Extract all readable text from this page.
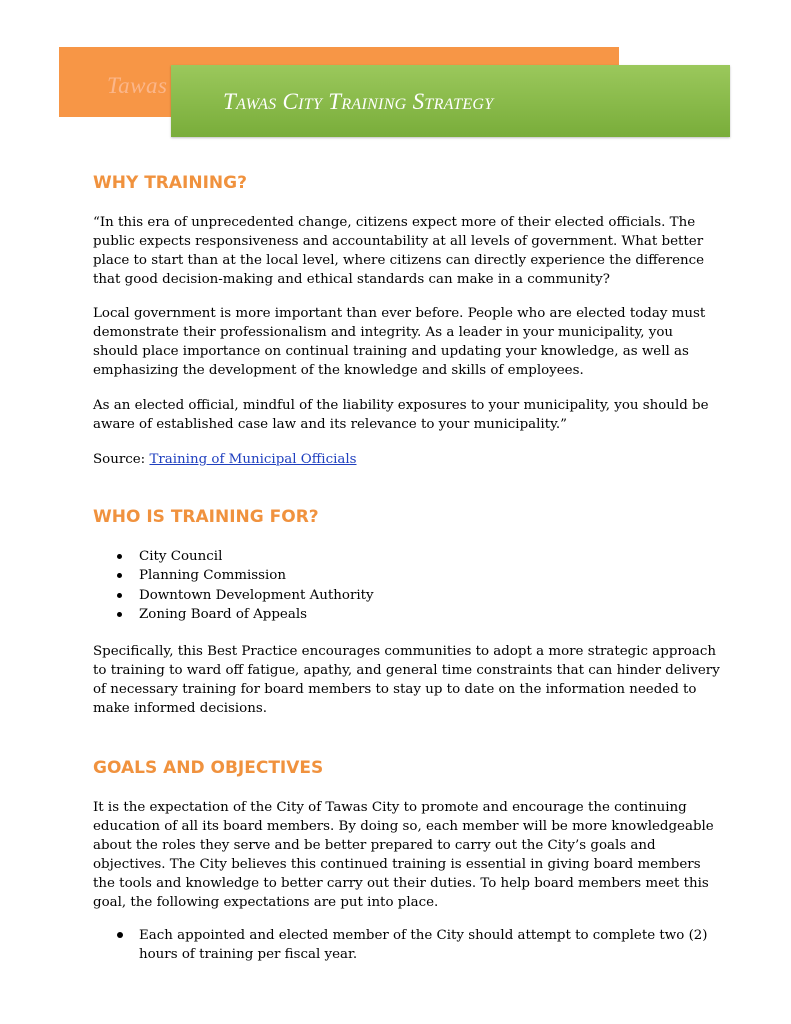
Tawas
Tawas City Training Strategy
WHY TRAINING?

“In this era of unprecedented change, citizens expect more of their elected officials. The
public expects responsiveness and accountability at all levels of government. What better
place to start than at the local level, where citizens can directly experience the difference
that good decision-making and ethical standards can make in a community?

Local government is more important than ever before. People who are elected today must
demonstrate their professionalism and integrity. As a leader in your municipality, you
should place importance on continual training and updating your knowledge, as well as
emphasizing the development of the knowledge and skills of employees.

As an elected official, mindful of the liability exposures to your municipality, you should be
aware of established case law and its relevance to your municipality.”

Source: Training of Municipal Officials

WHO IS TRAINING FOR?
City Council
Planning Commission
Downtown Development Authority
Zoning Board of Appeals

Specifically, this Best Practice encourages communities to adopt a more strategic approach
to training to ward off fatigue, apathy, and general time constraints that can hinder delivery
of necessary training for board members to stay up to date on the information needed to
make informed decisions.

GOALS AND OBJECTIVES

It is the expectation of the City of Tawas City to promote and encourage the continuing
education of all its board members. By doing so, each member will be more knowledgeable
about the roles they serve and be better prepared to carry out the City’s goals and
objectives. The City believes this continued training is essential in giving board members
the tools and knowledge to better carry out their duties. To help board members meet this
goal, the following expectations are put into place.

Each appointed and elected member of the City should attempt to complete two (2)
hours of training per fiscal year.
